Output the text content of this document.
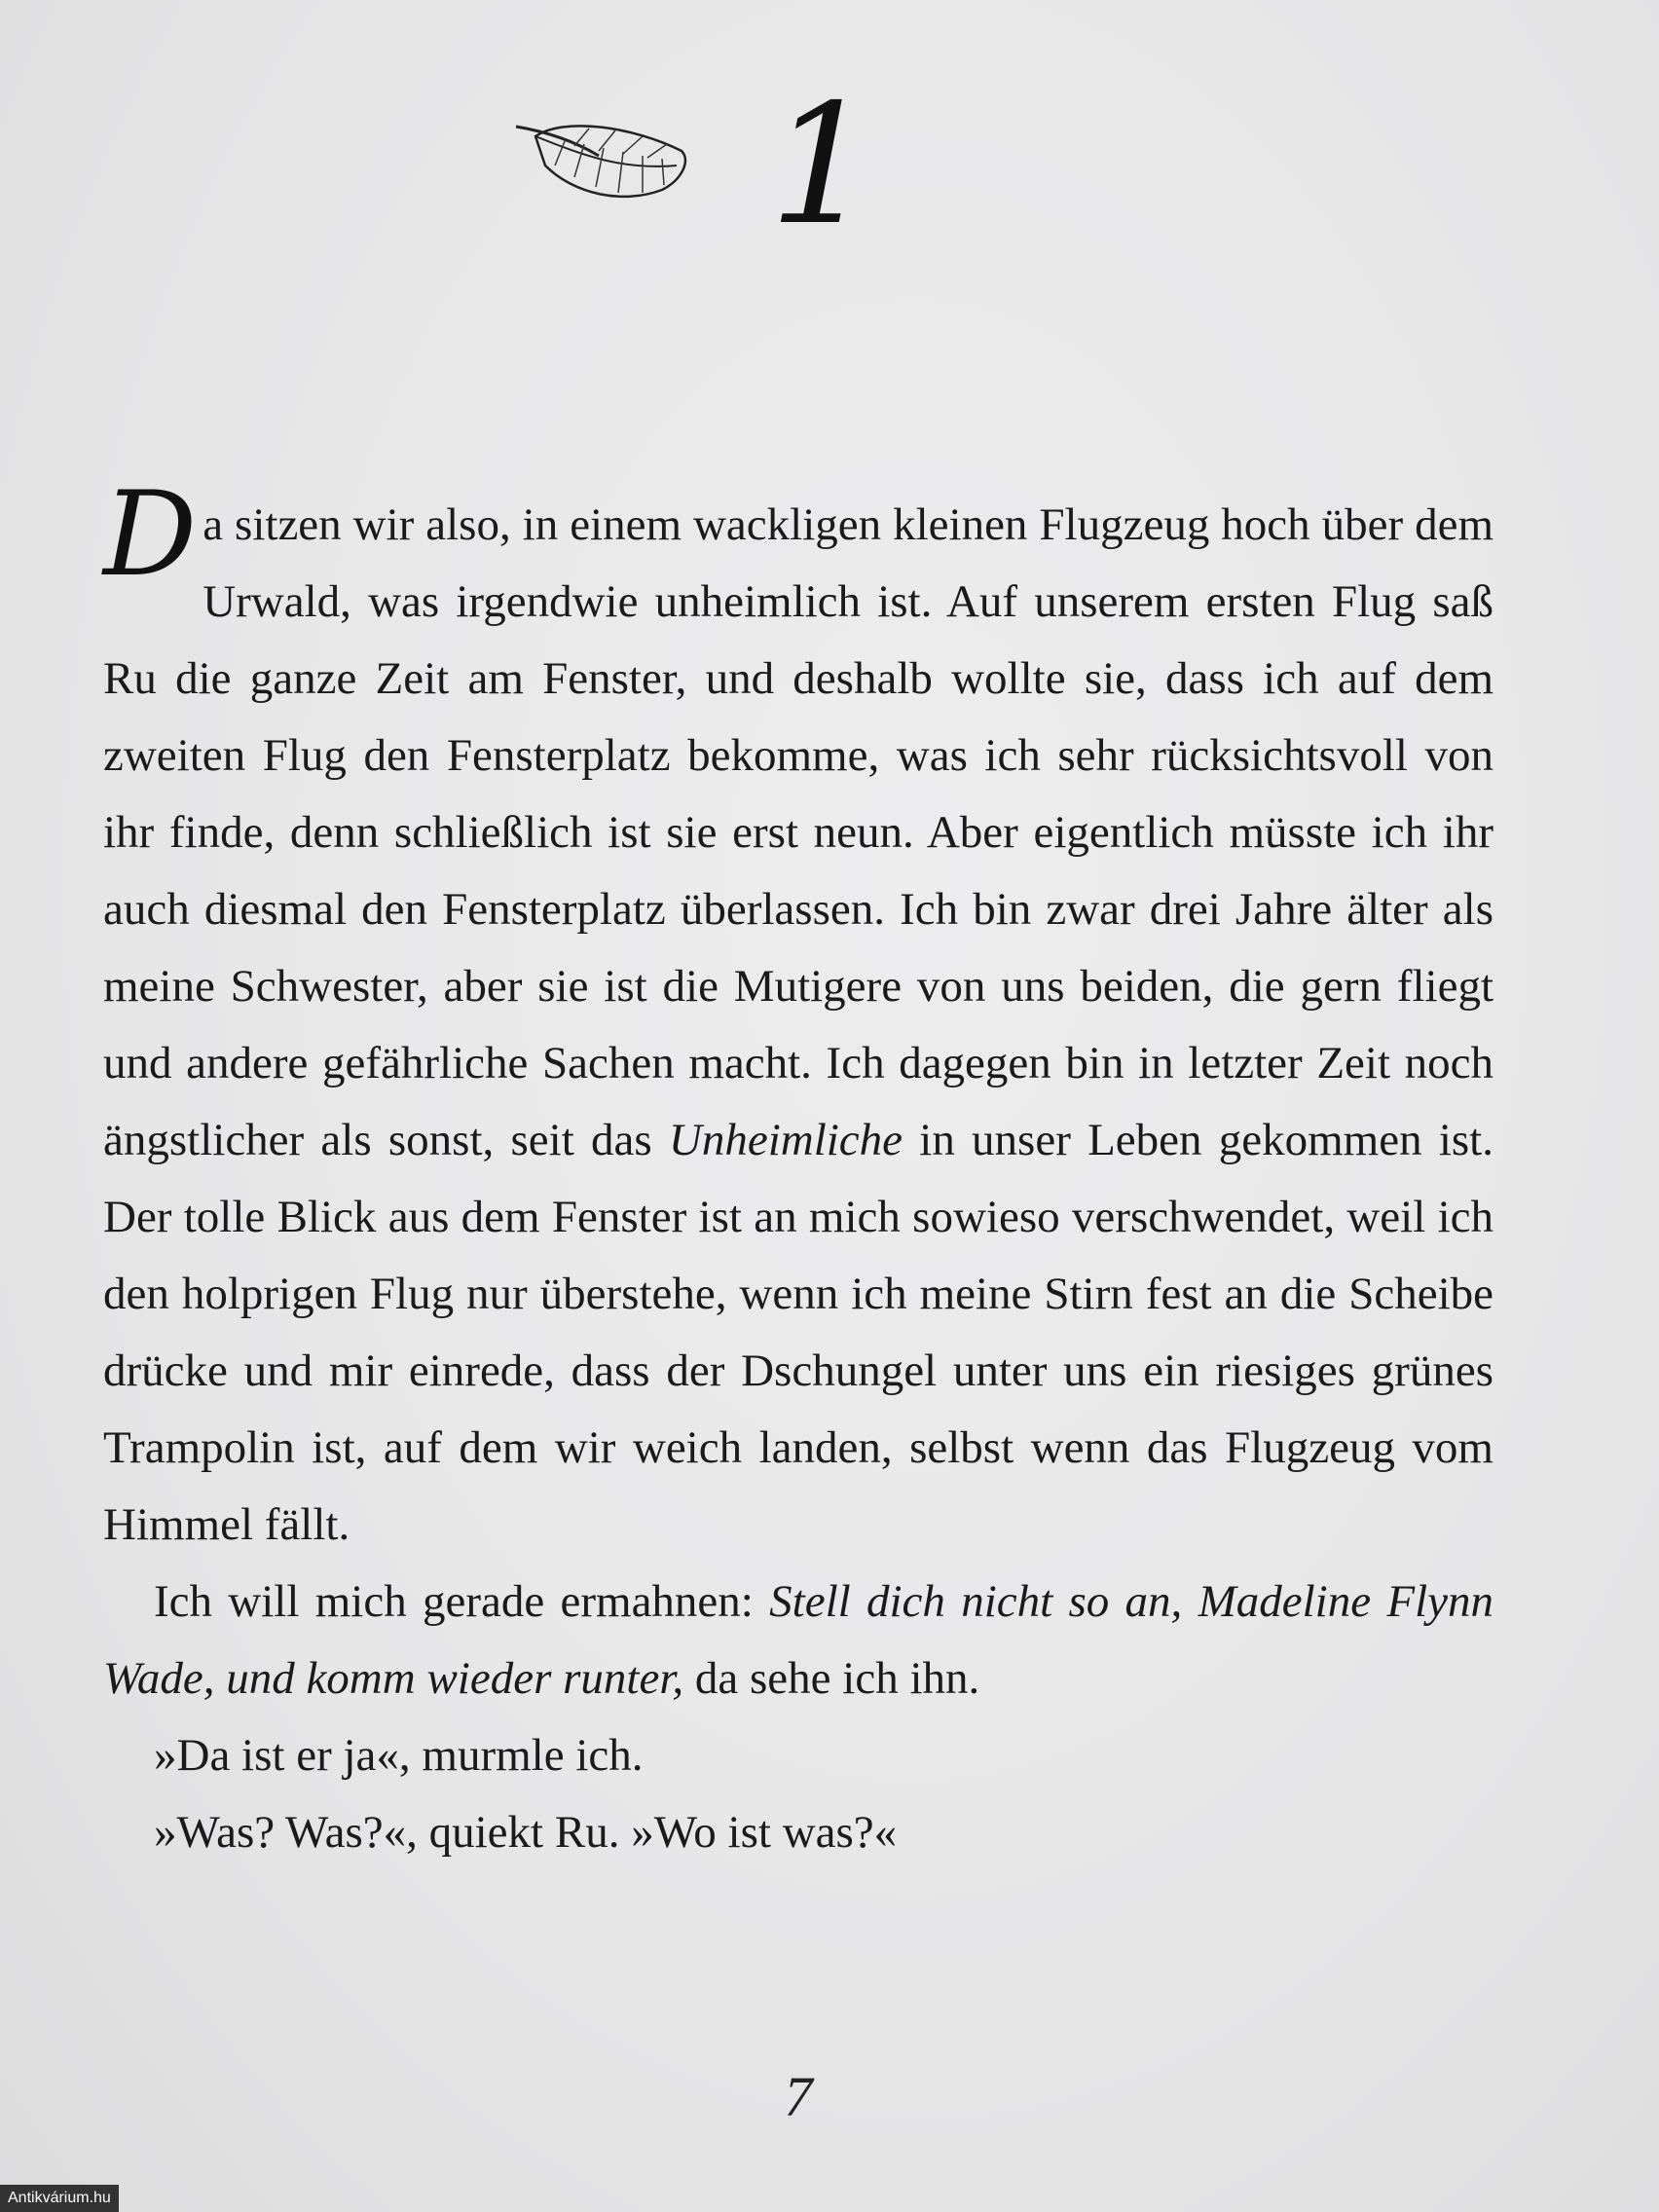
1

Da sitzen wir also, in einem wackligen kleinen Flugzeug hoch über dem Urwald, was irgendwie unheimlich ist. Auf unserem ersten Flug saß Ru die ganze Zeit am Fenster, und deshalb wollte sie, dass ich auf dem zweiten Flug den Fensterplatz bekomme, was ich sehr rücksichtsvoll von ihr finde, denn schließlich ist sie erst neun. Aber eigentlich müsste ich ihr auch diesmal den Fensterplatz überlassen. Ich bin zwar drei Jahre älter als meine Schwester, aber sie ist die Mutigere von uns beiden, die gern fliegt und andere gefährliche Sachen macht. Ich dagegen bin in letzter Zeit noch ängstlicher als sonst, seit das Unheimliche in unser Leben gekommen ist. Der tolle Blick aus dem Fenster ist an mich sowieso verschwendet, weil ich den holprigen Flug nur überstehe, wenn ich meine Stirn fest an die Scheibe drücke und mir einrede, dass der Dschungel unter uns ein riesiges grünes Trampolin ist, auf dem wir weich landen, selbst wenn das Flugzeug vom Himmel fällt.

Ich will mich gerade ermahnen: Stell dich nicht so an, Madeline Flynn Wade, und komm wieder runter, da sehe ich ihn.

»Da ist er ja«, murmle ich.

»Was? Was?«, quiekt Ru. »Wo ist was?«

7
Antikvárium.hu
